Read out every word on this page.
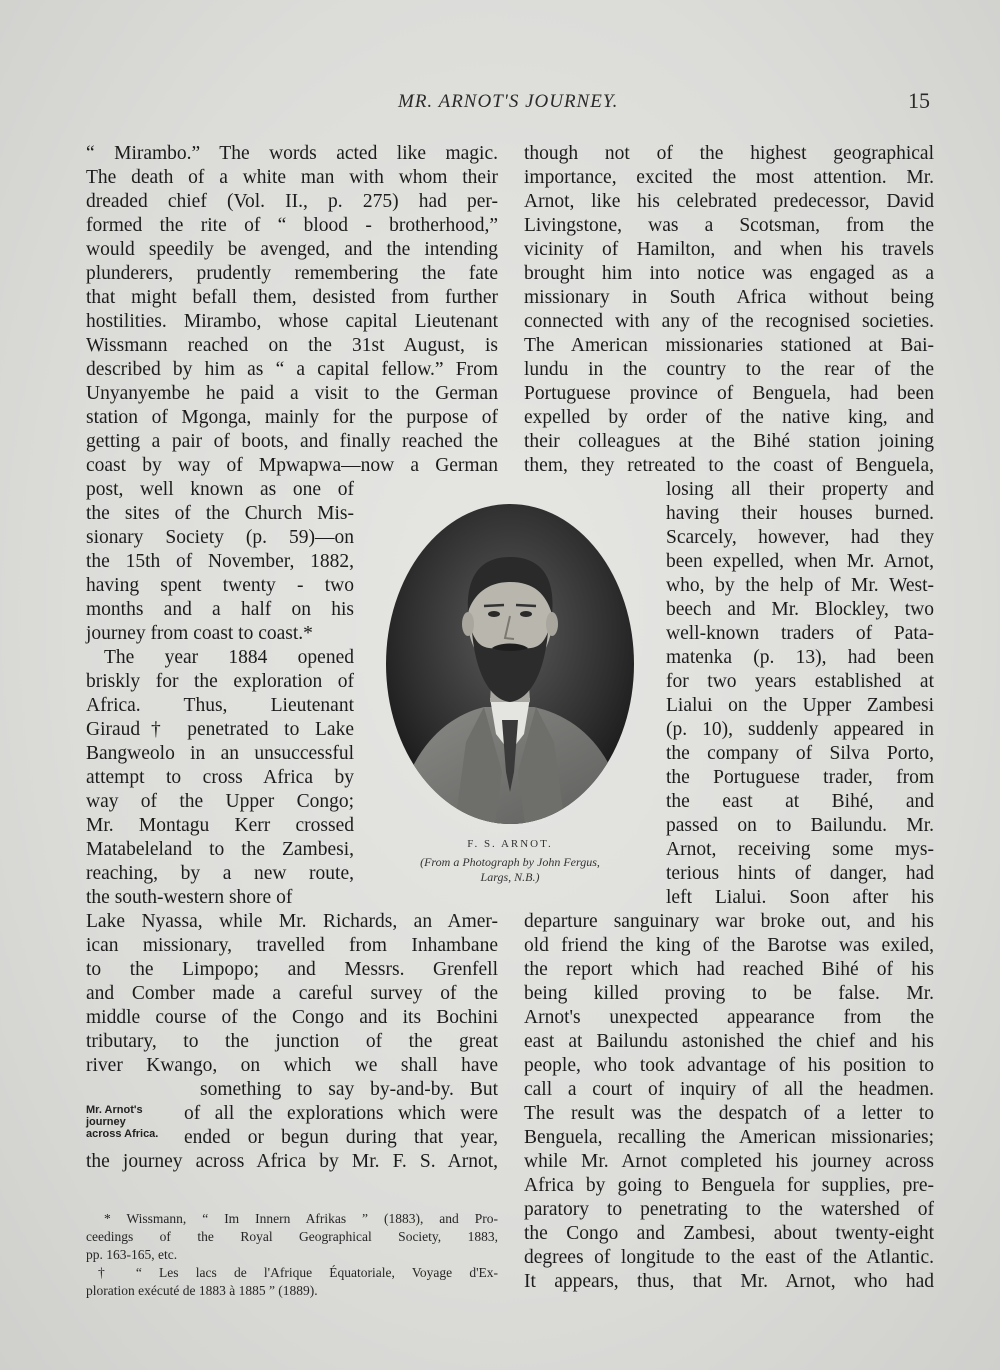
MR. ARNOT'S JOURNEY.	15
“ Mirambo.” The words acted like magic.
The death of a white man with whom their
dreaded chief (Vol. II., p. 275) had per-
formed the rite of “ blood - brotherhood,”
would speedily be avenged, and the intending
plunderers, prudently remembering the fate
that might befall them, desisted from further
hostilities. Mirambo, whose capital Lieutenant
Wissmann reached on the 31st August, is
described by him as “ a capital fellow.” From
Unyanyembe he paid a visit to the German
station of Mgonga, mainly for the purpose of
getting a pair of boots, and finally reached the
coast by way of Mpwapwa—now a German
post, well known as one of
the sites of the Church Mis-
sionary Society (p. 59)—on
the 15th of November, 1882,
having spent twenty - two
months and a half on his
journey from coast to coast.*
The year 1884 opened
briskly for the exploration of
Africa. Thus, Lieutenant
Giraud† penetrated to Lake
Bangweolo in an unsuccessful
attempt to cross Africa by
way of the Upper Congo;
Mr. Montagu Kerr crossed
Matabeleland to the Zambesi,
reaching, by a new route,
the south-western shore of
Lake Nyassa, while Mr. Richards, an Amer-
ican missionary, travelled from Inhambane
to the Limpopo; and Messrs. Grenfell
and Comber made a careful survey of the
middle course of the Congo and its Bochini
tributary, to the junction of the great
river Kwango, on which we shall have
something to say by-and-by. But
of all the explorations which were
ended or begun during that year,
the journey across Africa by Mr. F. S. Arnot,
Mr. Arnot's
journey
across Africa.
* Wissmann, “ Im Innern Afrikas ” (1883), and Pro-
ceedings of the Royal Geographical Society, 1883,
pp. 163-165, etc.
† “ Les lacs de l'Afrique Équatoriale, Voyage d'Ex-
ploration exécuté de 1883 à 1885 ” (1889).
though not of the highest geographical
importance, excited the most attention. Mr.
Arnot, like his celebrated predecessor, David
Livingstone, was a Scotsman, from the
vicinity of Hamilton, and when his travels
brought him into notice was engaged as a
missionary in South Africa without being
connected with any of the recognised societies.
The American missionaries stationed at Bai-
lundu in the country to the rear of the
Portuguese province of Benguela, had been
expelled by order of the native king, and
their colleagues at the Bihé station joining
them, they retreated to the coast of Benguela,
losing all their property and
having their houses burned.
Scarcely, however, had they
been expelled, when Mr. Arnot,
who, by the help of Mr. West-
beech and Mr. Blockley, two
well-known traders of Pata-
matenka (p. 13), had been
for two years established at
Lialui on the Upper Zambesi
(p. 10), suddenly appeared in
the company of Silva Porto,
the Portuguese trader, from
the east at Bihé, and
passed on to Bailundu. Mr.
Arnot, receiving some mys-
terious hints of danger, had
left Lialui. Soon after his
departure sanguinary war broke out, and his
old friend the king of the Barotse was exiled,
the report which had reached Bihé of his
being killed proving to be false. Mr.
Arnot's unexpected appearance from the
east at Bailundu astonished the chief and his
people, who took advantage of his position to
call a court of inquiry of all the headmen.
The result was the despatch of a letter to
Benguela, recalling the American missionaries;
while Mr. Arnot completed his journey across
Africa by going to Benguela for supplies, pre-
paratory to penetrating to the watershed of
the Congo and Zambesi, about twenty-eight
degrees of longitude to the east of the Atlantic.
It appears, thus, that Mr. Arnot, who had
F. S. ARNOT.
(From a Photograph by John Fergus,
Largs, N.B.)
